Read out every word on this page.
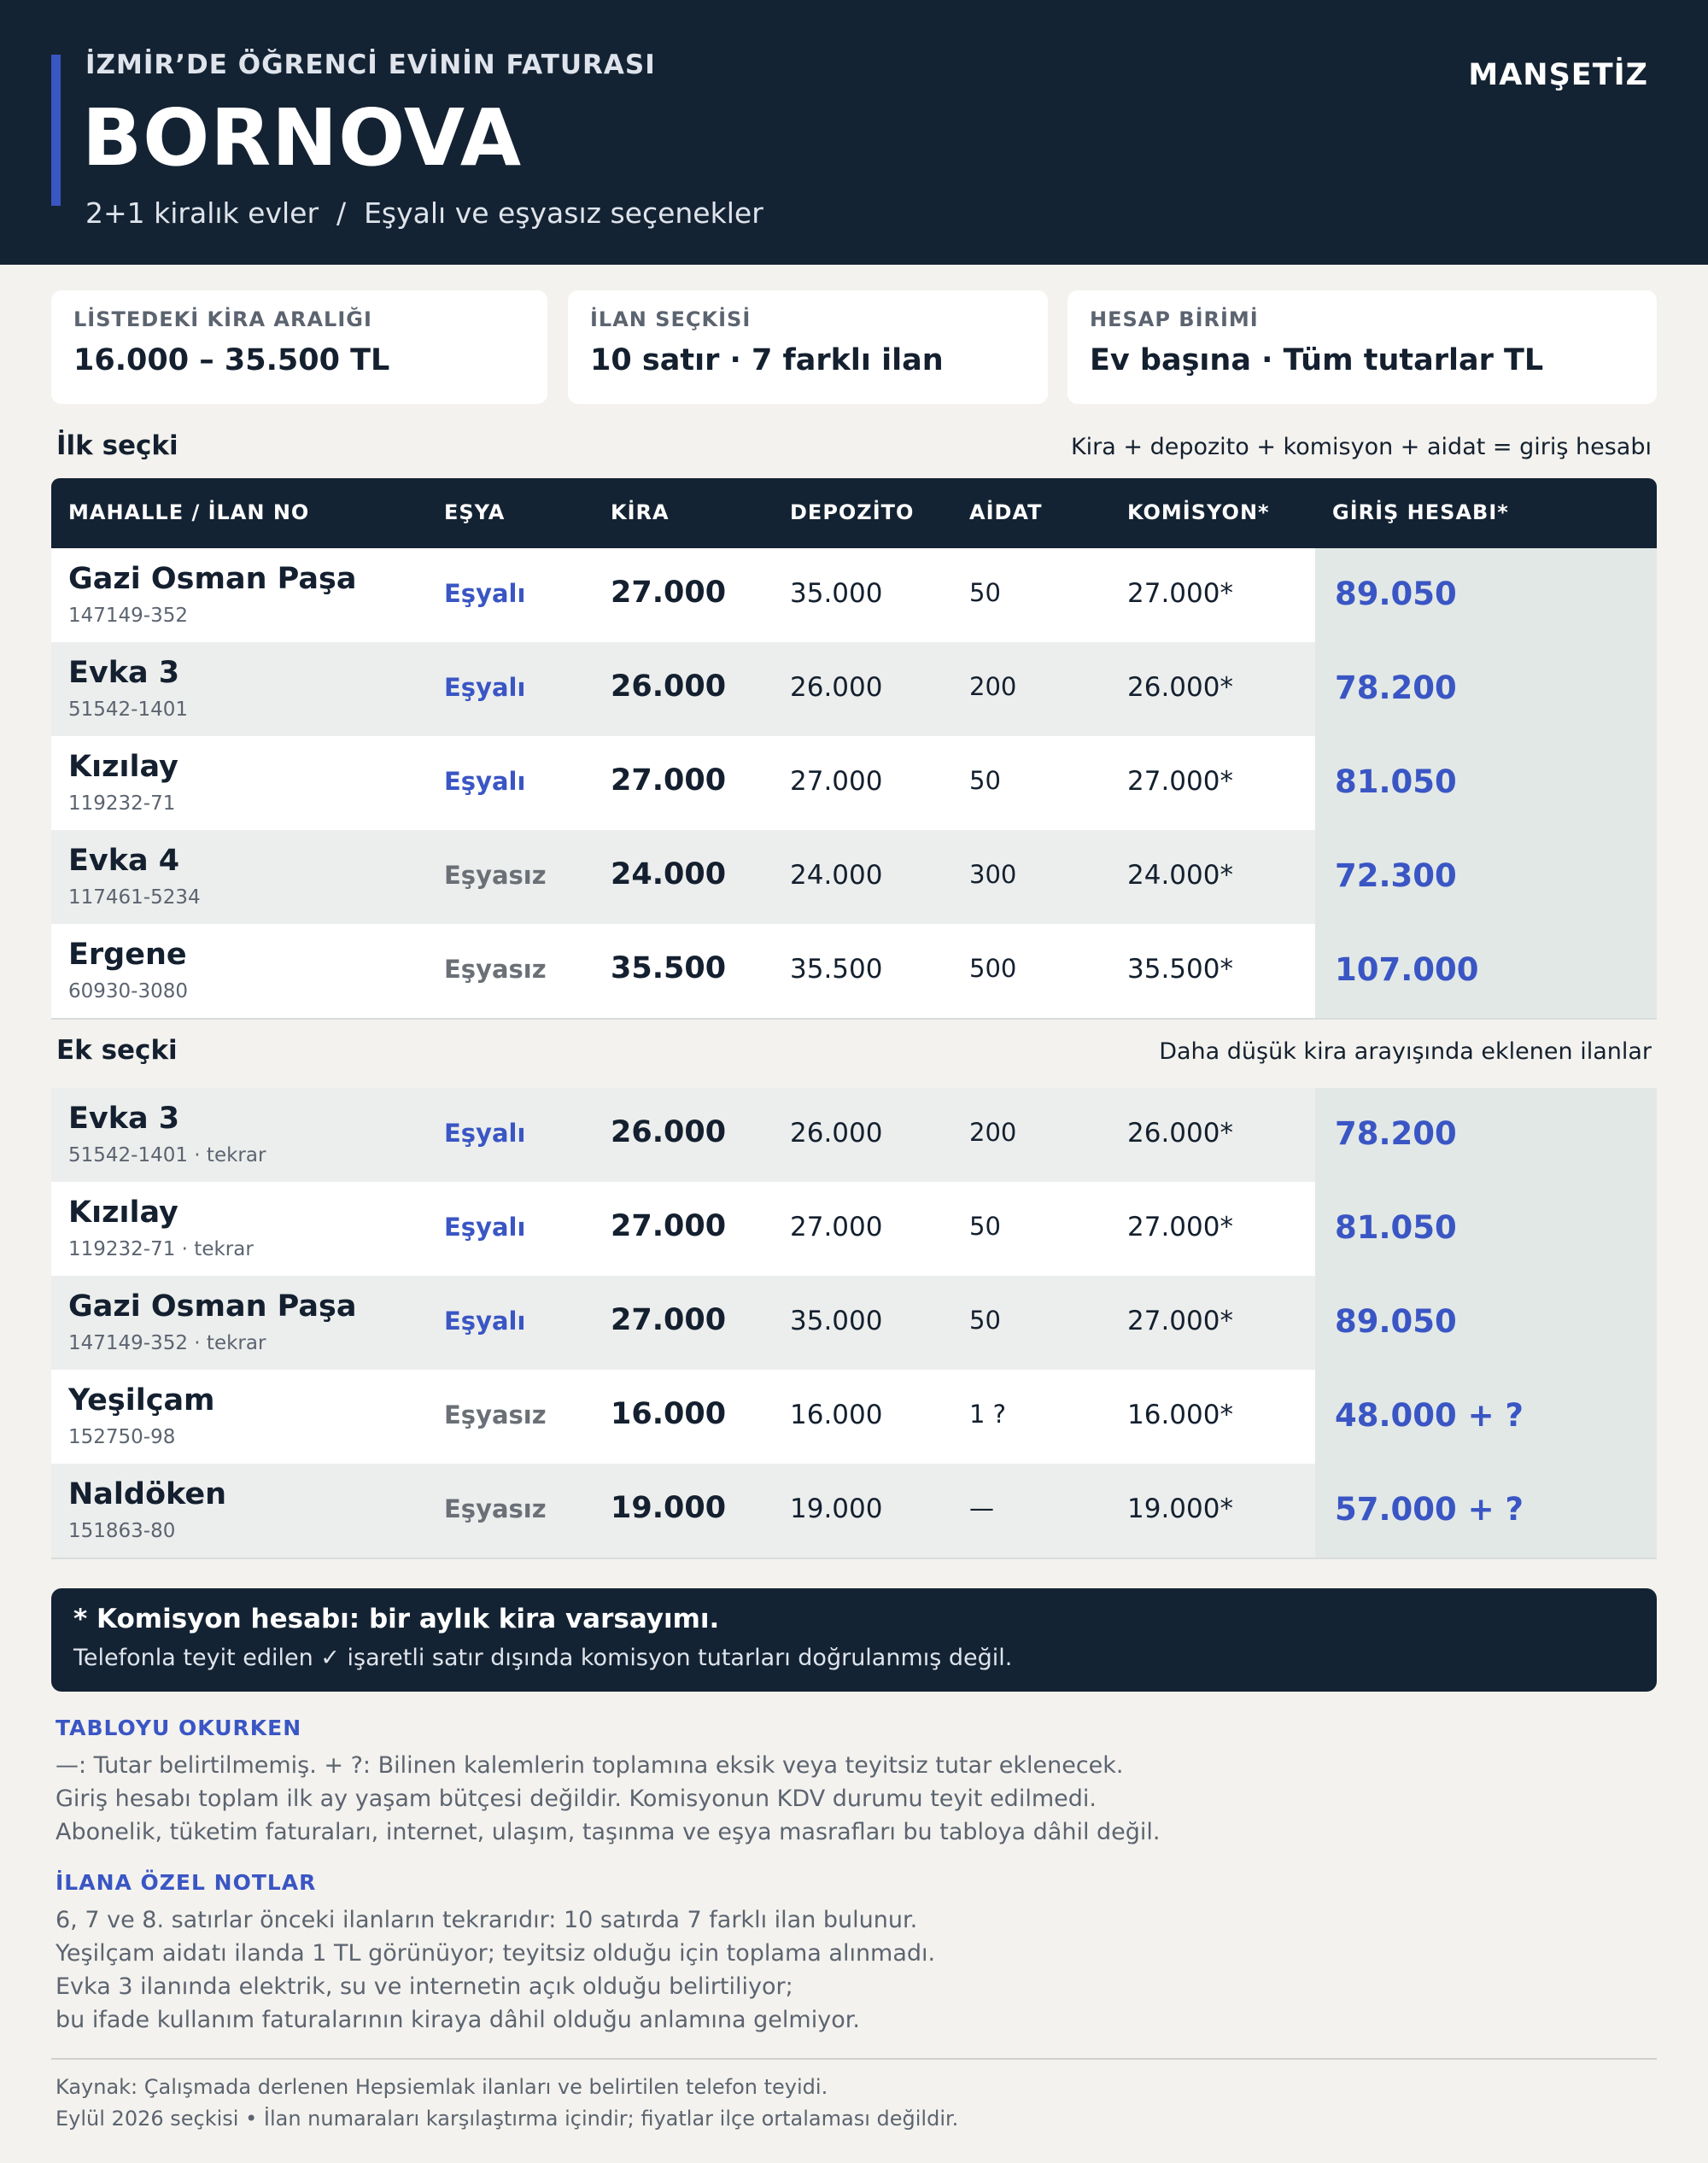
İZMİR’DE ÖĞRENCİ EVİNİN FATURASI
BORNOVA
2+1 kiralık evler  /  Eşyalı ve eşyasız seçenekler
MANŞETİZ
LİSTEDEKİ KİRA ARALIĞI
16.000 – 35.500 TL
İLAN SEÇKİSİ
10 satır · 7 farklı ilan
HESAP BİRİMİ
Ev başına · Tüm tutarlar TL
İlk seçki	Kira + depozito + komisyon + aidat = giriş hesabı
MAHALLE / İLAN NO	EŞYA	KİRA	DEPOZİTO	AİDAT	KOMİSYON*	GİRİŞ HESABI*
Gazi Osman Paşa
147149-352
Eşyalı	27.000 35.000	50	27.000*	89.050
Evka 3
51542-1401
Eşyalı	26.000 26.000	200	26.000*	78.200
Kızılay
119232-71
Eşyalı	27.000 27.000	50	27.000*	81.050
Evka 4
117461-5234
Eşyasız 24.000 24.000	300	24.000*	72.300
Ergene
60930-3080
Eşyasız 35.500 35.500	500	35.500*	107.000
Ek seçki	Daha düşük kira arayışında eklenen ilanlar
Evka 3
51542-1401 · tekrar
Eşyalı	26.000 26.000	200	26.000*	78.200
Kızılay
119232-71 · tekrar
Eşyalı	27.000 27.000	50	27.000*	81.050
Gazi Osman Paşa
147149-352 · tekrar
Eşyalı	27.000 35.000	50	27.000*	89.050
Yeşilçam
152750-98
Eşyasız 16.000 16.000	1 ?	16.000*	48.000 + ?
Naldöken
151863-80
Eşyasız 19.000 19.000	—	19.000*	57.000 + ?
* Komisyon hesabı: bir aylık kira varsayımı.
Telefonla teyit edilen ✓ işaretli satır dışında komisyon tutarları doğrulanmış değil.
TABLOYU OKURKEN
—: Tutar belirtilmemiş. + ?: Bilinen kalemlerin toplamına eksik veya teyitsiz tutar eklenecek.
Giriş hesabı toplam ilk ay yaşam bütçesi değildir. Komisyonun KDV durumu teyit edilmedi.
Abonelik, tüketim faturaları, internet, ulaşım, taşınma ve eşya masrafları bu tabloya dâhil değil.
İLANA ÖZEL NOTLAR
6, 7 ve 8. satırlar önceki ilanların tekrarıdır: 10 satırda 7 farklı ilan bulunur.
Yeşilçam aidatı ilanda 1 TL görünüyor; teyitsiz olduğu için toplama alınmadı.
Evka 3 ilanında elektrik, su ve internetin açık olduğu belirtiliyor;
bu ifade kullanım faturalarının kiraya dâhil olduğu anlamına gelmiyor.
Kaynak: Çalışmada derlenen Hepsiemlak ilanları ve belirtilen telefon teyidi.
Eylül 2026 seçkisi • İlan numaraları karşılaştırma içindir; fiyatlar ilçe ortalaması değildir.
